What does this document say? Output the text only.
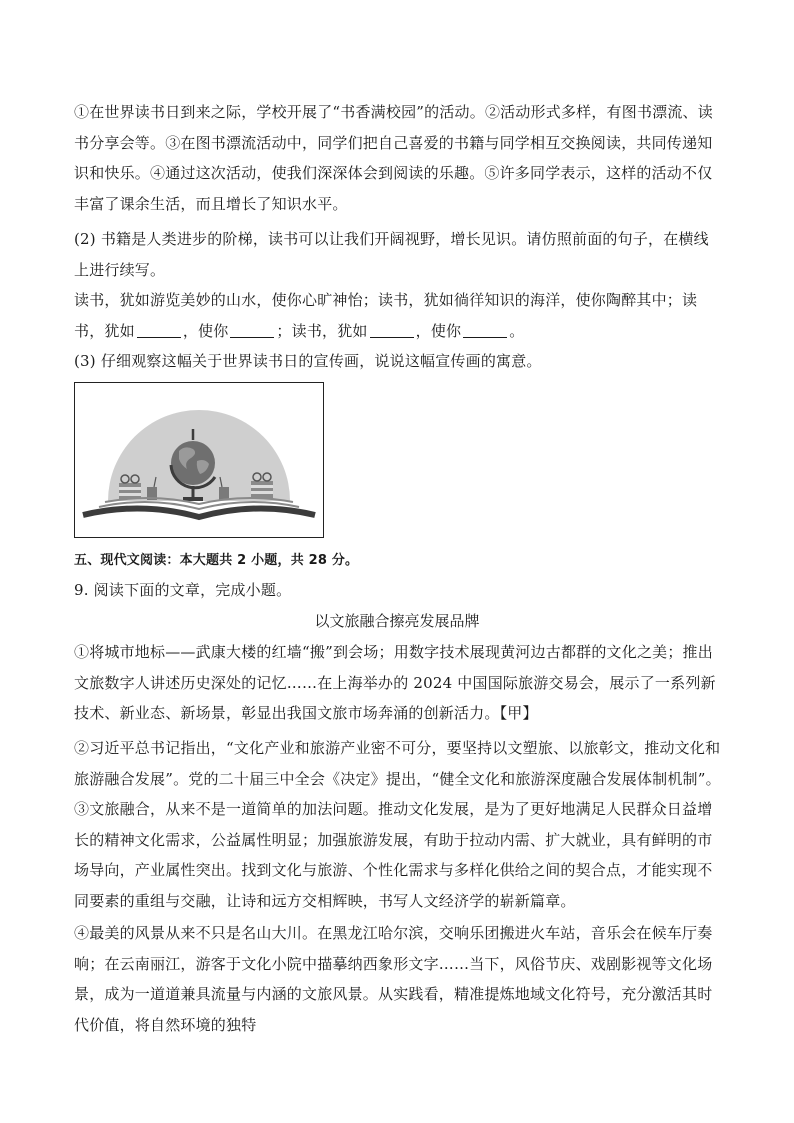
①在世界读书日到来之际，学校开展了“书香满校园”的活动。②活动形式多样，有图书漂流、读书分享会等。③在图书漂流活动中，同学们把自己喜爱的书籍与同学相互交换阅读，共同传递知识和快乐。④通过这次活动，使我们深深体会到阅读的乐趣。⑤许多同学表示，这样的活动不仅丰富了课余生活，而且增长了知识水平。

(2) 书籍是人类进步的阶梯，读书可以让我们开阔视野，增长见识。请仿照前面的句子，在横线上进行续写。

读书，犹如游览美妙的山水，使你心旷神怡；读书，犹如徜徉知识的海洋，使你陶醉其中；读书，犹如	，使你	；读书，犹如	，使你	。

(3) 仔细观察这幅关于世界读书日的宣传画，说说这幅宣传画的寓意。

五、现代文阅读：本大题共 2 小题，共 28 分。

9. 阅读下面的文章，完成小题。

以文旅融合擦亮发展品牌

①将城市地标——武康大楼的红墙“搬”到会场；用数字技术展现黄河边古都群的文化之美；推出文旅数字人讲述历史深处的记忆……在上海举办的 2024 中国国际旅游交易会，展示了一系列新技术、新业态、新场景，彰显出我国文旅市场奔涌的创新活力。【甲】

②习近平总书记指出，“文化产业和旅游产业密不可分，要坚持以文塑旅、以旅彰文，推动文化和旅游融合发展”。党的二十届三中全会《决定》提出，“健全文化和旅游深度融合发展体制机制”。

③文旅融合，从来不是一道简单的加法问题。推动文化发展，是为了更好地满足人民群众日益增长的精神文化需求，公益属性明显；加强旅游发展，有助于拉动内需、扩大就业，具有鲜明的市场导向，产业属性突出。找到文化与旅游、个性化需求与多样化供给之间的契合点，才能实现不同要素的重组与交融，让诗和远方交相辉映，书写人文经济学的崭新篇章。

④最美的风景从来不只是名山大川。在黑龙江哈尔滨，交响乐团搬进火车站，音乐会在候车厅奏响；在云南丽江，游客于文化小院中描摹纳西象形文字……当下，风俗节庆、戏剧影视等文化场景，成为一道道兼具流量与内涵的文旅风景。从实践看，精准提炼地域文化符号，充分激活其时代价值，将自然环境的独特
